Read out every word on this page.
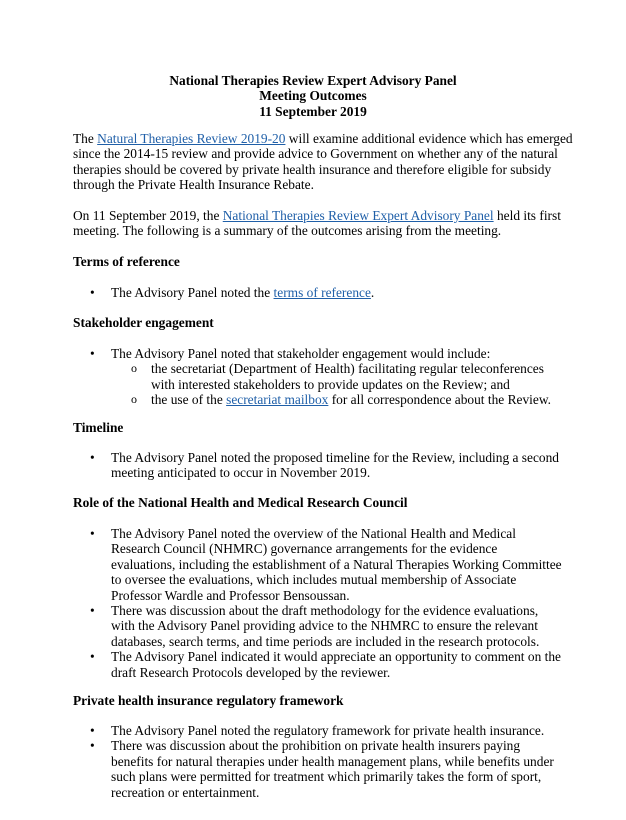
National Therapies Review Expert Advisory Panel
Meeting Outcomes
11 September 2019
The Natural Therapies Review 2019-20 will examine additional evidence which has emerged since the 2014-15 review and provide advice to Government on whether any of the natural therapies should be covered by private health insurance and therefore eligible for subsidy through the Private Health Insurance Rebate.
On 11 September 2019, the National Therapies Review Expert Advisory Panel held its first meeting. The following is a summary of the outcomes arising from the meeting.
Terms of reference
• The Advisory Panel noted the terms of reference.
Stakeholder engagement
• The Advisory Panel noted that stakeholder engagement would include:
o the secretariat (Department of Health) facilitating regular teleconferences with interested stakeholders to provide updates on the Review; and
o the use of the secretariat mailbox for all correspondence about the Review.
Timeline
• The Advisory Panel noted the proposed timeline for the Review, including a second meeting anticipated to occur in November 2019.
Role of the National Health and Medical Research Council
• The Advisory Panel noted the overview of the National Health and Medical Research Council (NHMRC) governance arrangements for the evidence evaluations, including the establishment of a Natural Therapies Working Committee to oversee the evaluations, which includes mutual membership of Associate Professor Wardle and Professor Bensoussan.
• There was discussion about the draft methodology for the evidence evaluations, with the Advisory Panel providing advice to the NHMRC to ensure the relevant databases, search terms, and time periods are included in the research protocols.
• The Advisory Panel indicated it would appreciate an opportunity to comment on the draft Research Protocols developed by the reviewer.
Private health insurance regulatory framework
• The Advisory Panel noted the regulatory framework for private health insurance.
• There was discussion about the prohibition on private health insurers paying benefits for natural therapies under health management plans, while benefits under such plans were permitted for treatment which primarily takes the form of sport, recreation or entertainment.
